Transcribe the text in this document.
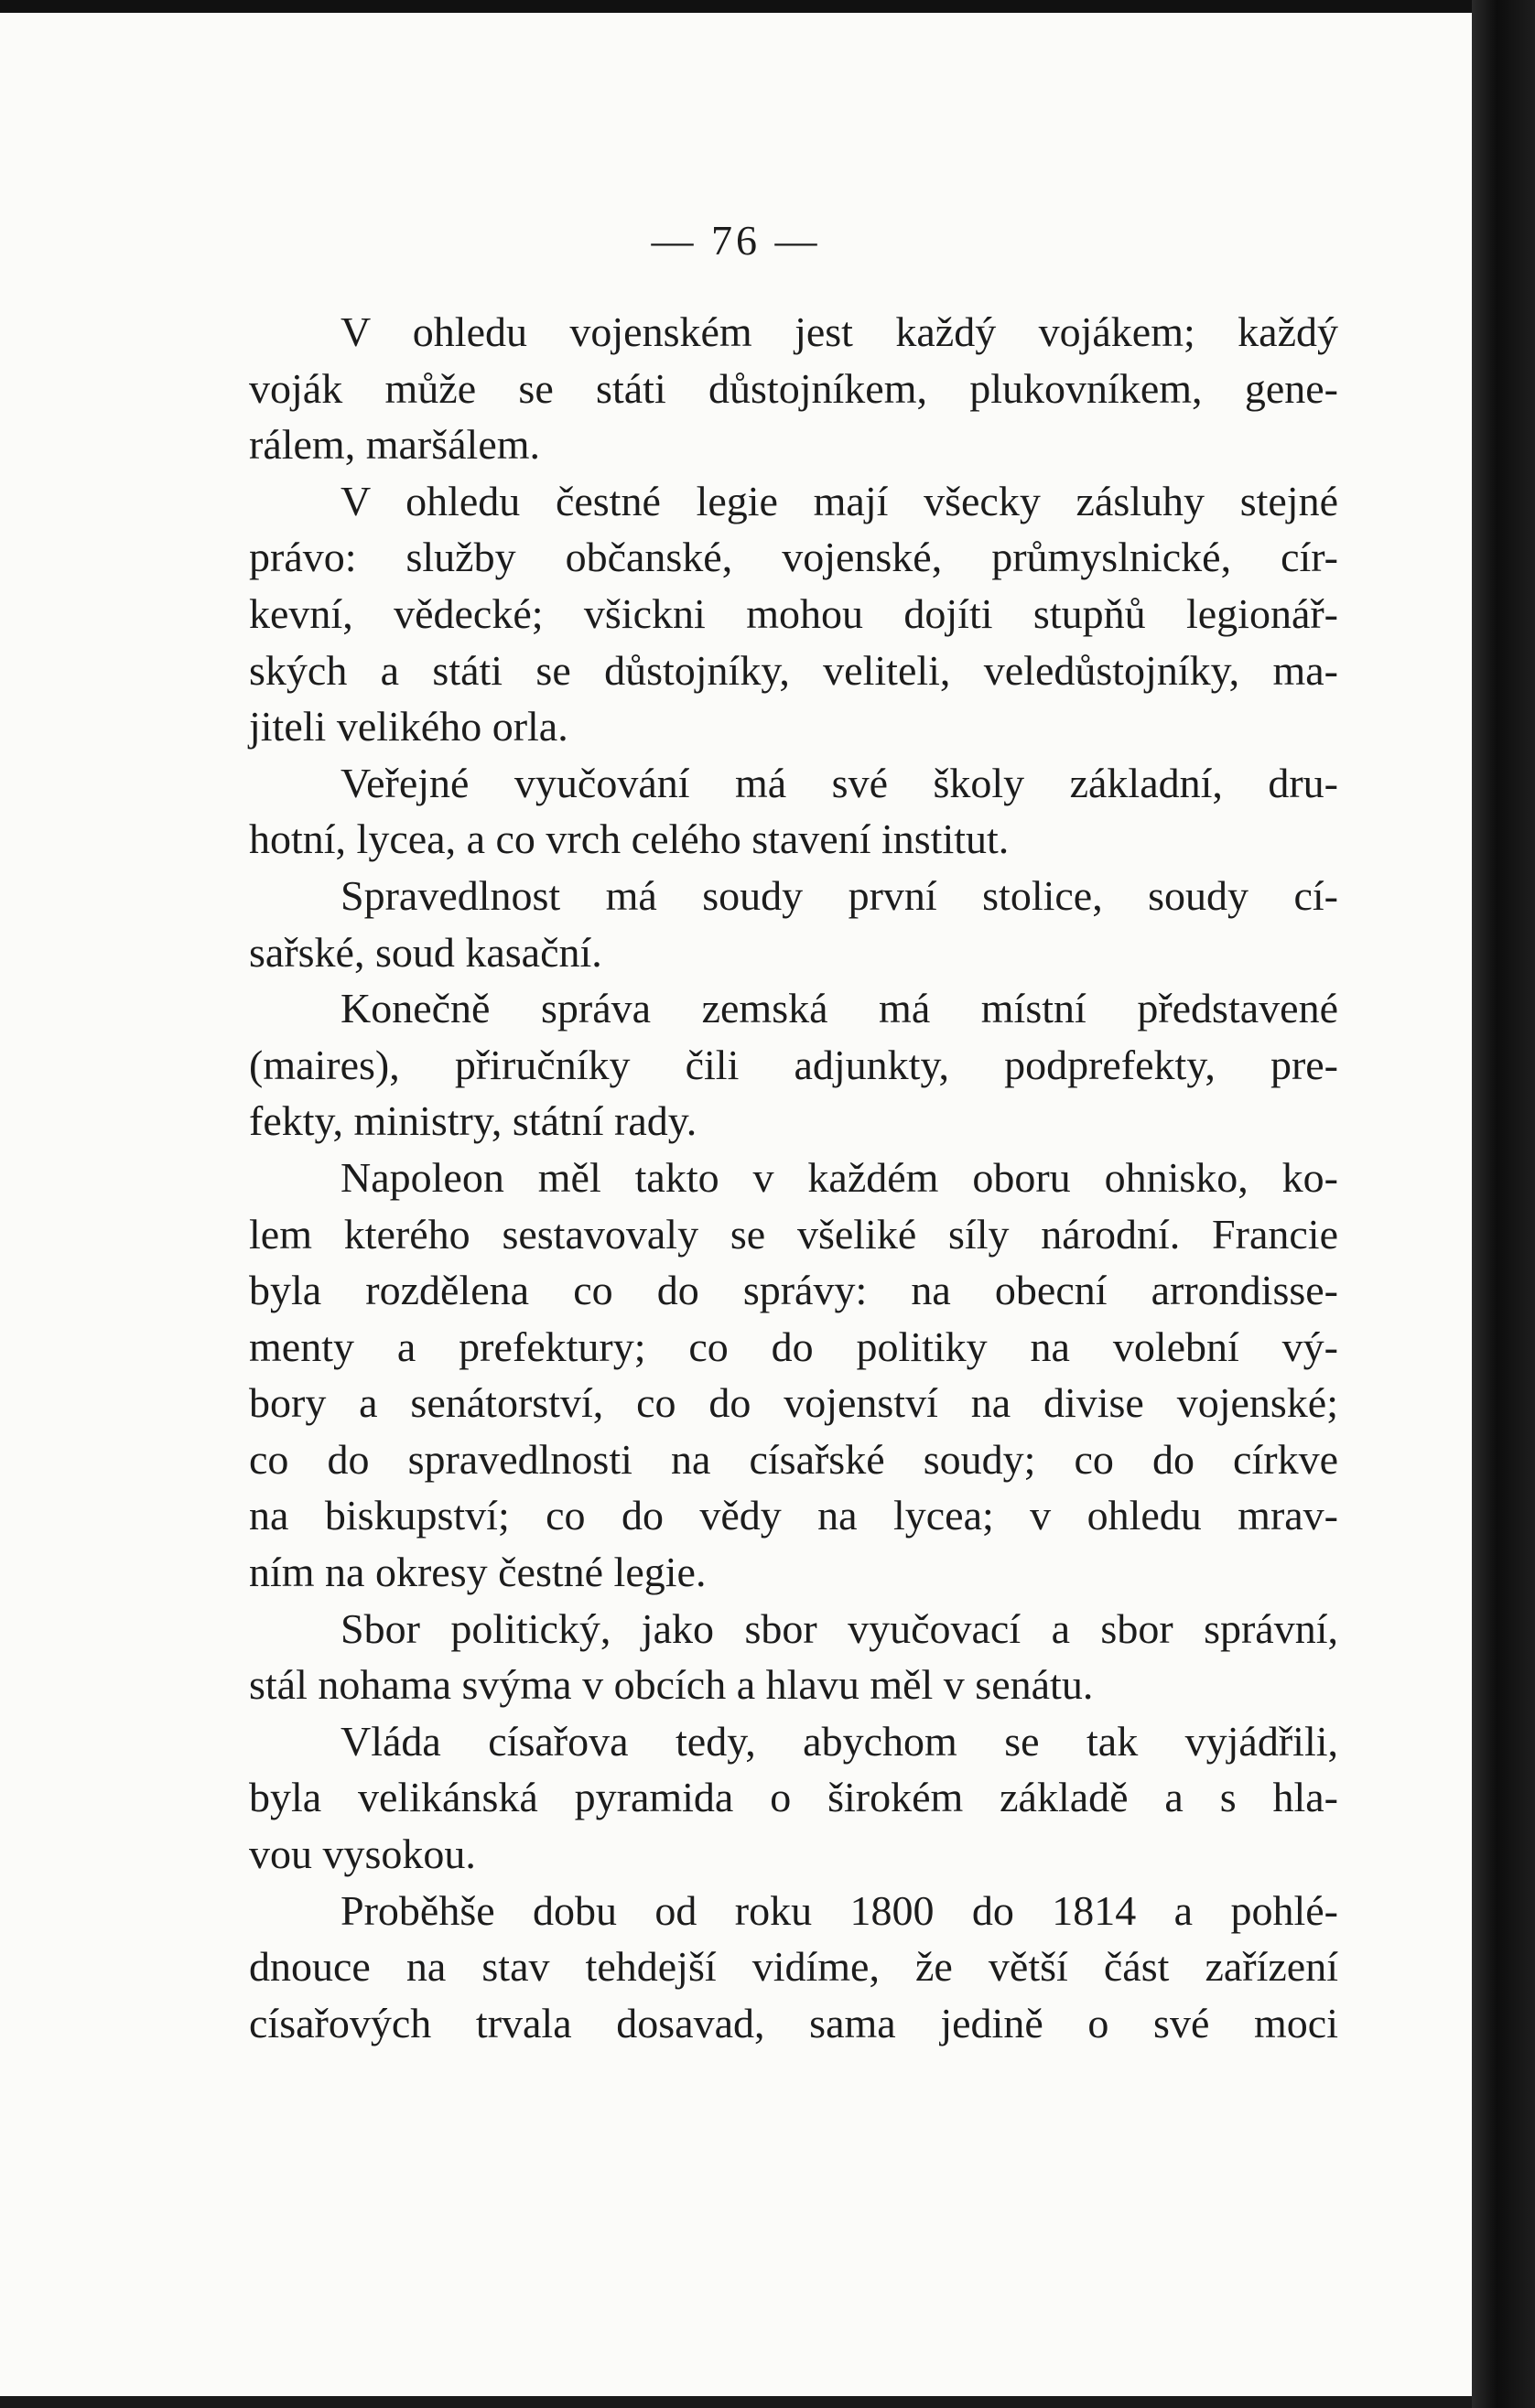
— 76 —
V ohledu vojenském jest každý vojákem; každý
voják může se státi důstojníkem, plukovníkem, gene-
rálem, maršálem.
V ohledu čestné legie mají všecky zásluhy stejné
právo: služby občanské, vojenské, průmyslnické, cír-
kevní, vědecké; všickni mohou dojíti stupňů legionář-
ských a státi se důstojníky, veliteli, veledůstojníky, ma-
jiteli velikého orla.
Veřejné vyučování má své školy základní, dru-
hotní, lycea, a co vrch celého stavení institut.
Spravedlnost má soudy první stolice, soudy cí-
sařské, soud kasační.
Konečně správa zemská má místní představené
(maires), přiručníky čili adjunkty, podprefekty, pre-
fekty, ministry, státní rady.
Napoleon měl takto v každém oboru ohnisko, ko-
lem kterého sestavovaly se všeliké síly národní. Francie
byla rozdělena co do správy: na obecní arrondisse-
menty a prefektury; co do politiky na volební vý-
bory a senátorství, co do vojenství na divise vojenské;
co do spravedlnosti na císařské soudy; co do církve
na biskupství; co do vědy na lycea; v ohledu mrav-
ním na okresy čestné legie.
Sbor politický, jako sbor vyučovací a sbor správní,
stál nohama svýma v obcích a hlavu měl v senátu.
Vláda císařova tedy, abychom se tak vyjádřili,
byla velikánská pyramida o širokém základě a s hla-
vou vysokou.
Proběhše dobu od roku 1800 do 1814 a pohlé-
dnouce na stav tehdejší vidíme, že větší část zařízení
císařových trvala dosavad, sama jedině o své moci
